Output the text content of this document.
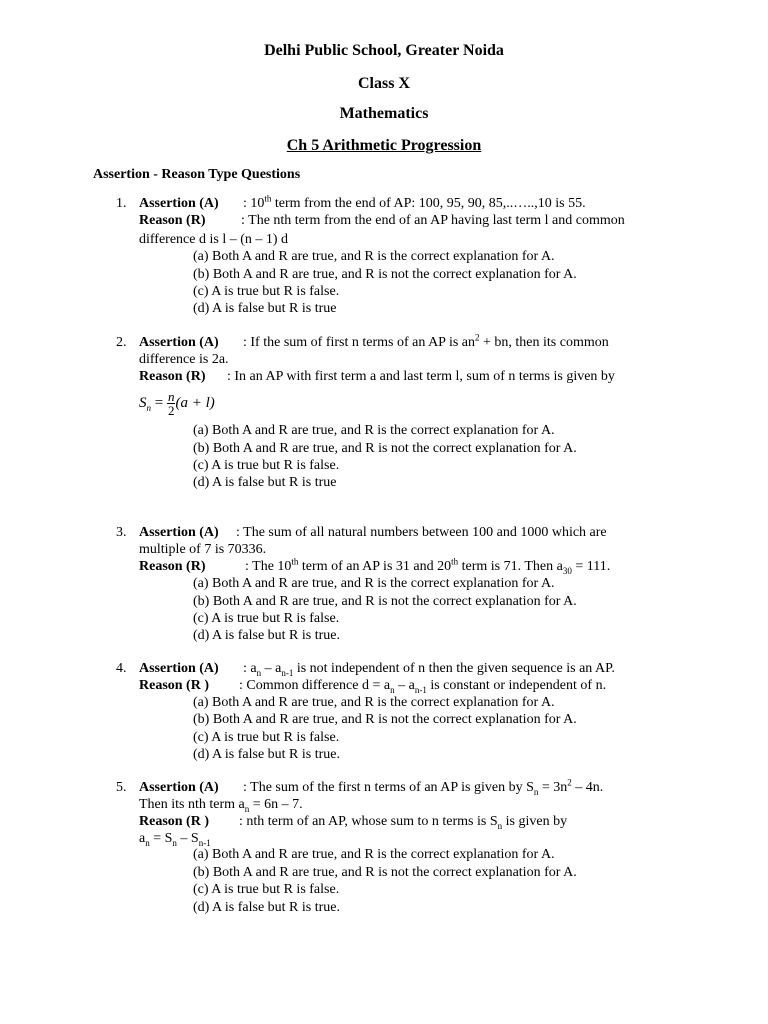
Delhi Public School, Greater Noida
Class X
Mathematics
Ch 5 Arithmetic Progression
Assertion - Reason Type Questions
1. Assertion (A) : 10th term from the end of AP: 100, 95, 90, 85,..…..,10 is 55.
Reason (R)	: The nth term from the end of an AP having last term l and common
difference d is l – (n – 1) d
(a) Both A and R are true, and R is the correct explanation for A.
(b) Both A and R are true, and R is not the correct explanation for A.
(c) A is true but R is false.
(d) A is false but R is true
2. Assertion (A) : If the sum of first n terms of an AP is $an^2$ + bn, then its common
difference is 2a.
Reason (R) : In an AP with first term a and last term l, sum of n terms is given by
$S_n = \frac{n}{2} (a + l)$
(a) Both A and R are true, and R is the correct explanation for A.
(b) Both A and R are true, and R is not the correct explanation for A.
(c) A is true but R is false.
(d) A is false but R is true
3. Assertion (A) : The sum of all natural numbers between 100 and 1000 which are
multiple of 7 is 70336.
Reason (R)	: The 10th term of an AP is 31 and 20th term is 71. Then $a_{30} = 111$.
(a) Both A and R are true, and R is the correct explanation for A.
(b) Both A and R are true, and R is not the correct explanation for A.
(c) A is true but R is false.
(d) A is false but R is true.
4. Assertion (A) : $a_n - a_{n-1}$ is not independent of n then the given sequence is an AP.
Reason (R ) : Common difference $d = a_n - a_{n-1}$ is constant or independent of n.
(a) Both A and R are true, and R is the correct explanation for A.
(b) Both A and R are true, and R is not the correct explanation for A.
(c) A is true but R is false.
(d) A is false but R is true.
5. Assertion (A) : The sum of the first n terms of an AP is given by $S_n = 3n^2 - 4n$.
Then its nth term $a_n = 6n - 7$.
Reason (R ) : nth term of an AP, whose sum to n terms is $S_n$ is given by
$a_n = S_n - S_{n-1}$
(a) Both A and R are true, and R is the correct explanation for A.
(b) Both A and R are true, and R is not the correct explanation for A.
(c) A is true but R is false.
(d) A is false but R is true.
